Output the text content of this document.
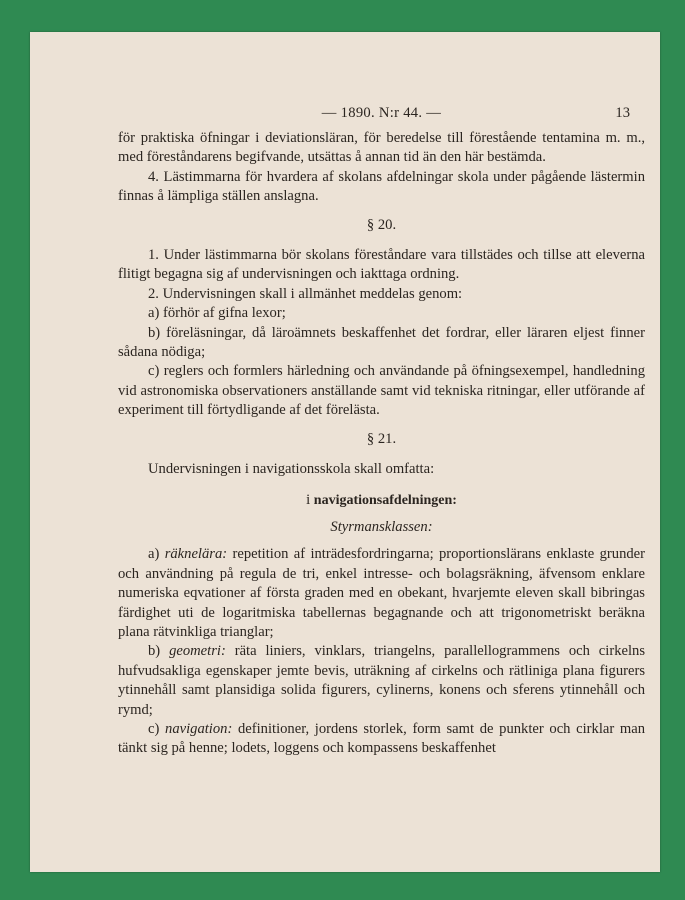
— 1890. N:r 44. —	13

för praktiska öfningar i deviationsläran, för beredelse till förestående tentamina m. m., med föreståndarens begifvande, utsättas å annan tid än den här bestämda.

4. Lästimmarna för hvardera af skolans afdelningar skola under pågående lästermin finnas å lämpliga ställen anslagna.

§ 20.

1. Under lästimmarna bör skolans föreståndare vara tillstädes och tillse att eleverna flitigt begagna sig af undervisningen och iakttaga ordning.

2. Undervisningen skall i allmänhet meddelas genom:

a) förhör af gifna lexor;

b) föreläsningar, då läroämnets beskaffenhet det fordrar, eller läraren eljest finner sådana nödiga;

c) reglers och formlers härledning och användande på öfningsexempel, handledning vid astronomiska observationers anställande samt vid tekniska ritningar, eller utförande af experiment till förtydligande af det förelästa.

§ 21.

Undervisningen i navigationsskola skall omfatta:

i navigationsafdelningen:

Styrmansklassen:

a) räknelära: repetition af inträdesfordringarna; proportionslärans enklaste grunder och användning på regula de tri, enkel intresse- och bolagsräkning, äfvensom enklare numeriska eqvationer af första graden med en obekant, hvarjemte eleven skall bibringas färdighet uti de logaritmiska tabellernas begagnande och att trigonometriskt beräkna plana rätvinkliga trianglar;

b) geometri: räta liniers, vinklars, triangelns, parallellogrammens och cirkelns hufvudsakliga egenskaper jemte bevis, uträkning af cirkelns och rätliniga plana figurers ytinnehåll samt plansidiga solida figurers, cylinerns, konens och sferens ytinnehåll och rymd;

c) navigation: definitioner, jordens storlek, form samt de punkter och cirklar man tänkt sig på henne; lodets, loggens och kompassens beskaffenhet
